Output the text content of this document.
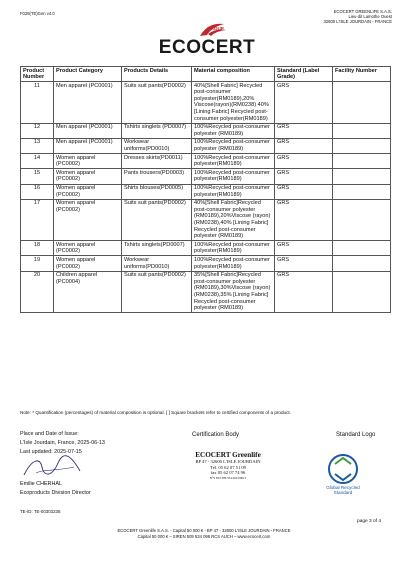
F028(TE)Gen v4.0	ECOCERT GREENLIFE S.A.S.
Lieu-dit Lamothe Ouest
32600 L'ISLE JOURDAIN - FRANCE
GROUP
ECOCERT
Product Number	Product Category	Products Details	Material composition	Standard (Label Grade)	Facility Number
11	Men apparel (PC0001)	Suits suit pants(PD0002)	40%[Shell Fabric] Recycled post-consumer polyester(RM0189),20% Viscose(rayon)(RM0238) 40%[Lining Fabric] Recycled post-consumer polyester(RM0189)	GRS	
12	Men apparel (PC0001)	Tshirts singlets (PD0007)	100%Recycled post-consumer polyester (RM0189)	GRS	
13	Men apparel (PC0001)	Workwear uniforms(PD0010)	100%Recycled post-consumer polyester (RM0189)	GRS	
14	Women apparel (PC0002)	Dresses skirts(PD0011)	100%Recycled post-consumer polyester(RM0189)	GRS	
15	Women apparel (PC0002)	Pants trousers(PD0003)	100%Recycled post-consumer polyester(RM0189)	GRS	
16	Women apparel (PC0002)	Shirts blouses(PD0005)	100%Recycled post-consumer polyester(RM0189)	GRS	
17	Women apparel (PC0002)	Suits suit pants(PD0002)	40%[Shell Fabric]Recycled post-consumer polyester (RM0189),20%Viscose (rayon)(RM0238),40% [Lining Fabric] Recycled post-consumer polyester (RM0189)	GRS	
18	Women apparel (PC0002)	Tshirts singlets(PD0007)	100%Recycled post-consumer polyester(RM0189)	GRS	
19	Women apparel (PC0002)	Workwear uniforms(PD0010)	100%Recycled post-consumer polyester(RM0189)	GRS	
20	Children apparel (PC0004)	Suits suit pants(PD0002)	35%[Shell Fabric]Recycled post-consumer polyester (RM0189),30%Viscose (rayon)(RM0238),35% [Lining Fabric] Recycled post-consumer polyester (RM0189)	GRS	
Note: * Quantification (percentages) of material composition is optional. [ ] Square brackets refer to certified components of a product.
Place and Date of Issue:
L'Isle Jourdain, France, 2025-06-13
Last updated: 2025-07-15
Certification Body	Standard Logo
Emilie CHERHAL
Ecoproducts Division Director
ECOCERT Greenlife
BP 47 - 32600 L'ISLE JOURDAIN
Tél. 05 62 07 51 09
fax 05 62 07 74 96
N°S 833 389 554 000 00013
Global Recycled
Standard
TE-ID: TE-00303235
page 3 of 4
ECOCERT Greenlife S.A.S. - Capital 50 000 € - BP 47 - 32600 L'ISLE JOURDAIN - FRANCE
Capital 50 000 € – SIREN 509 534 096 RCS AUCH – www.ecocert.com
